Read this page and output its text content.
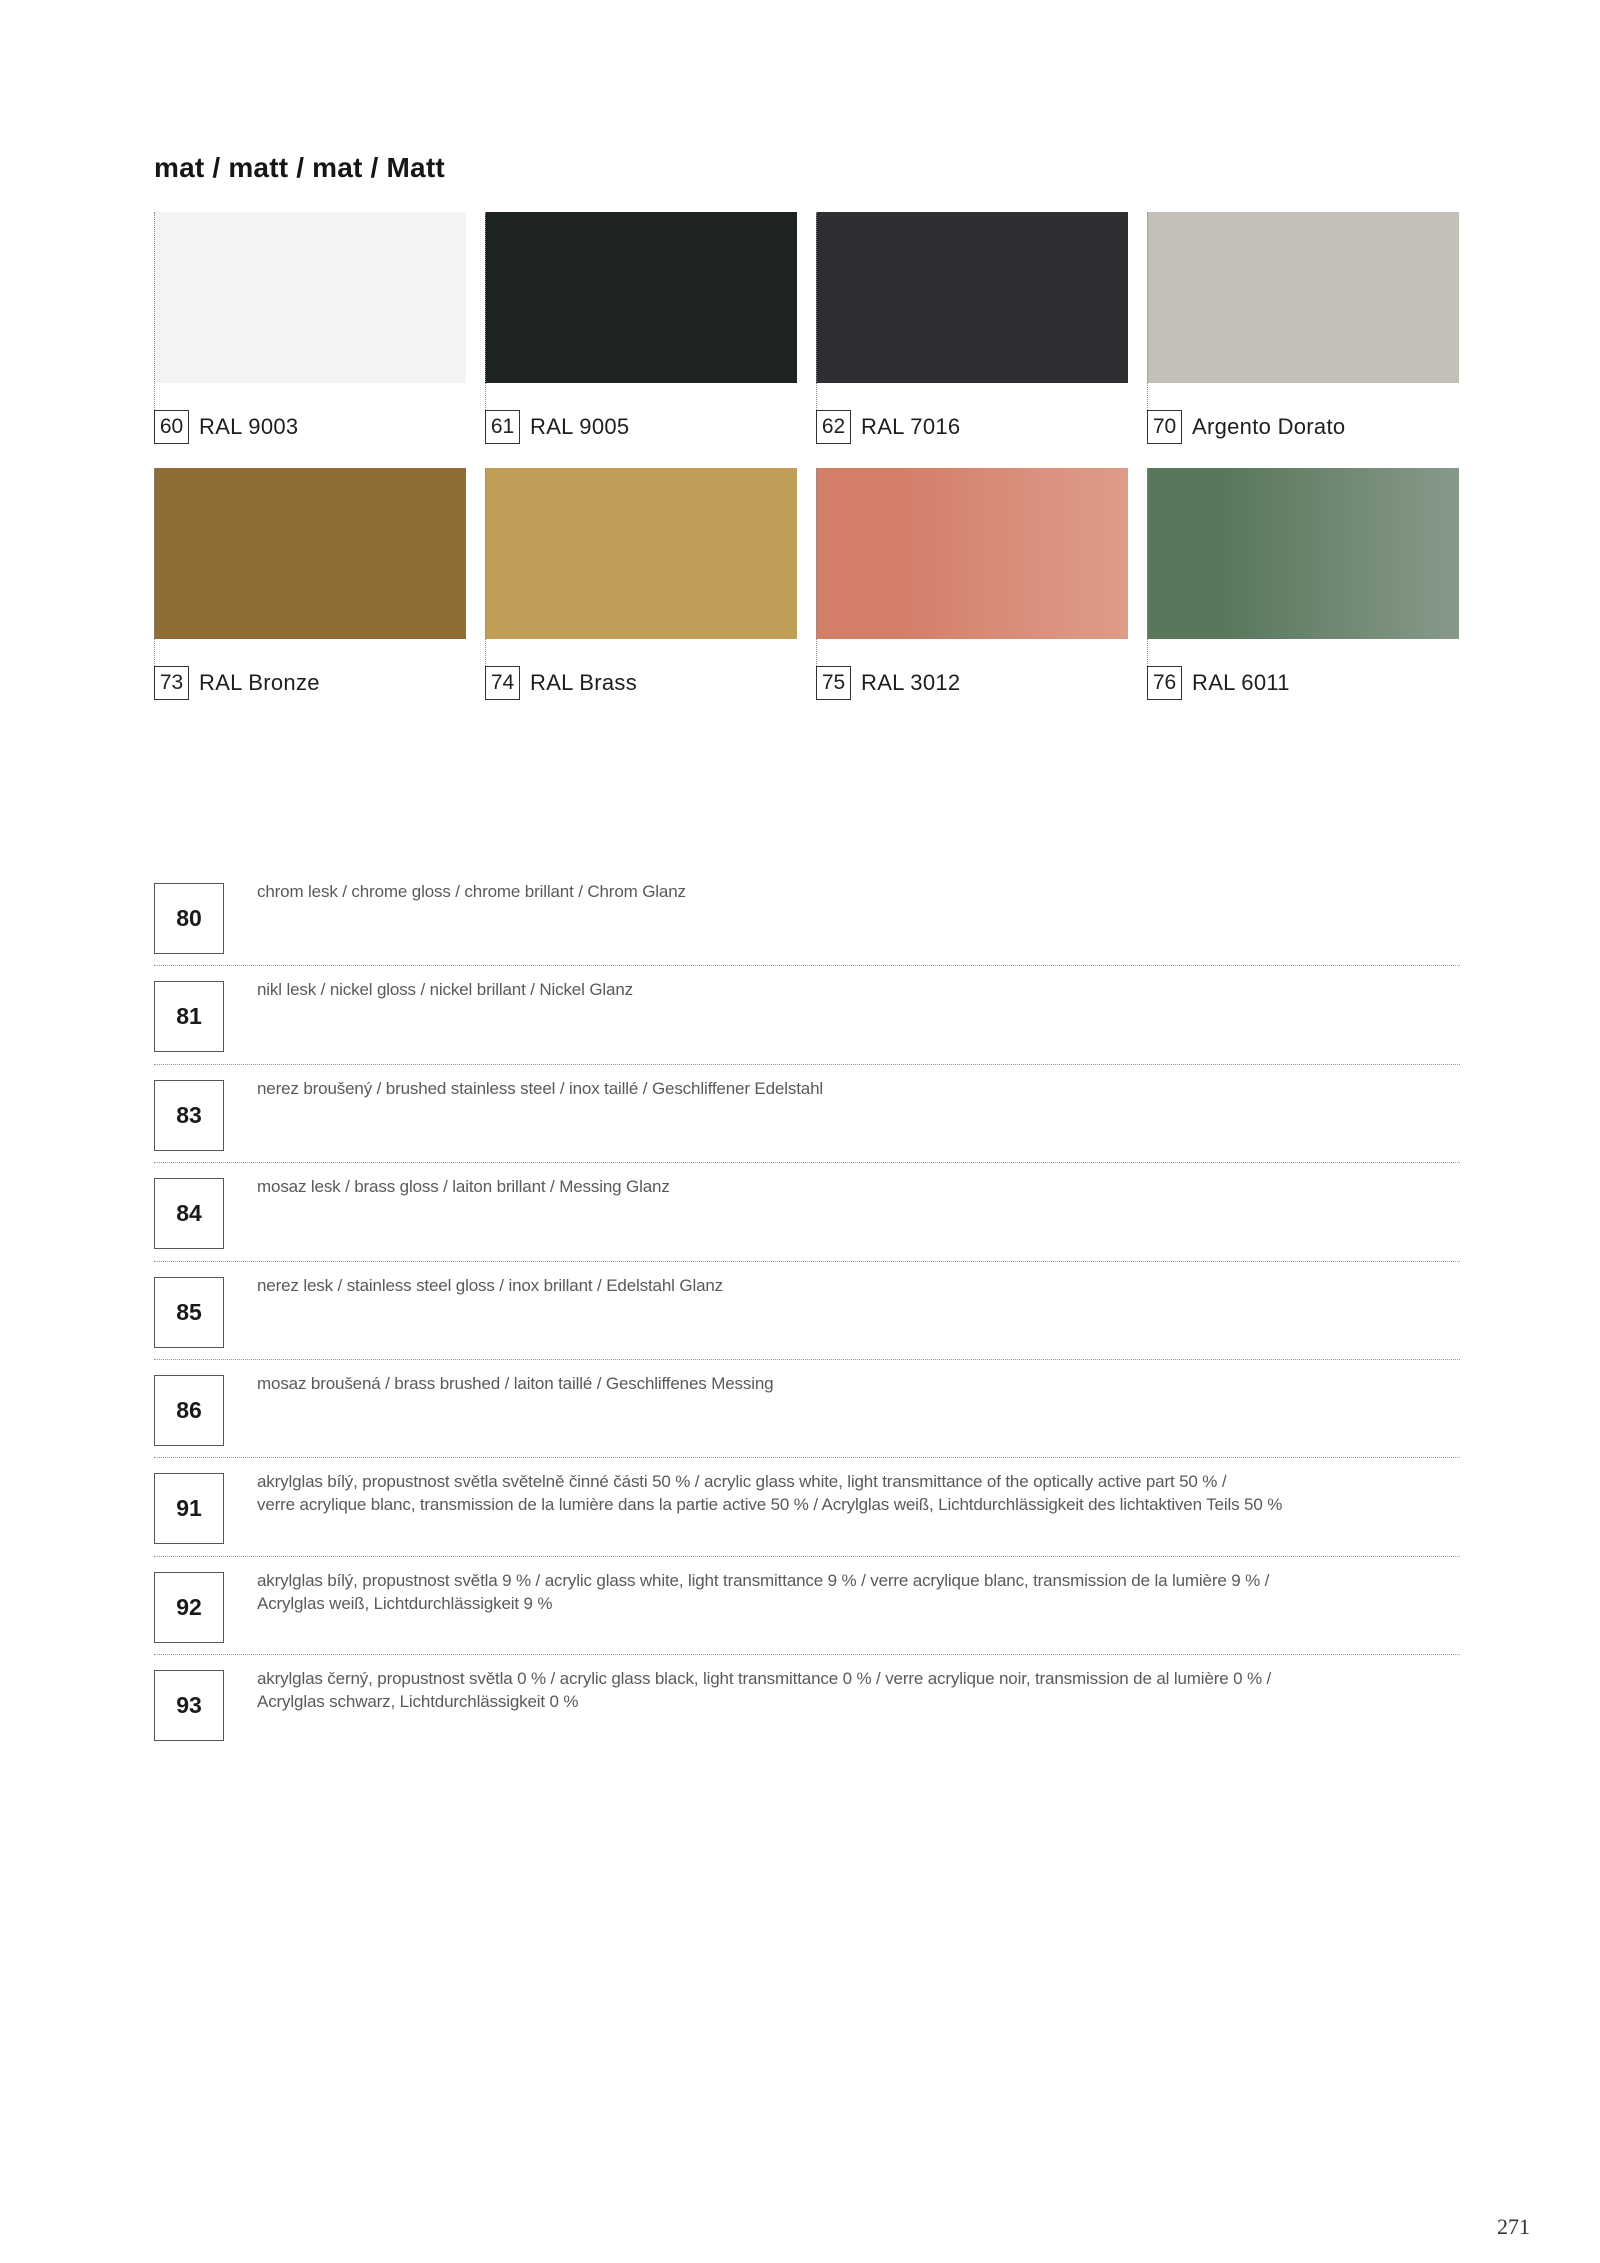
mat / matt / mat / Matt
60 RAL 9003	61 RAL 9005	62 RAL 7016	70 Argento Dorato
73 RAL Bronze	74 RAL Brass	75 RAL 3012	76 RAL 6011
80
chrom lesk / chrome gloss / chrome brillant / Chrom Glanz
81
nikl lesk / nickel gloss / nickel brillant / Nickel Glanz
83
nerez broušený / brushed stainless steel / inox taillé / Geschliffener Edelstahl
84
mosaz lesk / brass gloss / laiton brillant / Messing Glanz
85
nerez lesk / stainless steel gloss / inox brillant / Edelstahl Glanz
86
mosaz broušená / brass brushed / laiton taillé / Geschliffenes Messing
91
akrylglas bílý, propustnost světla světelně činné části 50 % / acrylic glass white, light transmittance of the optically active part 50 % /
verre acrylique blanc, transmission de la lumière dans la partie active 50 % / Acrylglas weiß, Lichtdurchlässigkeit des lichtaktiven Teils 50 %
92
akrylglas bílý, propustnost světla 9 % / acrylic glass white, light transmittance 9 % / verre acrylique blanc, transmission de la lumière 9 % /
Acrylglas weiß, Lichtdurchlässigkeit 9 %
93
akrylglas černý, propustnost světla 0 % / acrylic glass black, light transmittance 0 % / verre acrylique noir, transmission de al lumière 0 % /
Acrylglas schwarz, Lichtdurchlässigkeit 0 %
271
